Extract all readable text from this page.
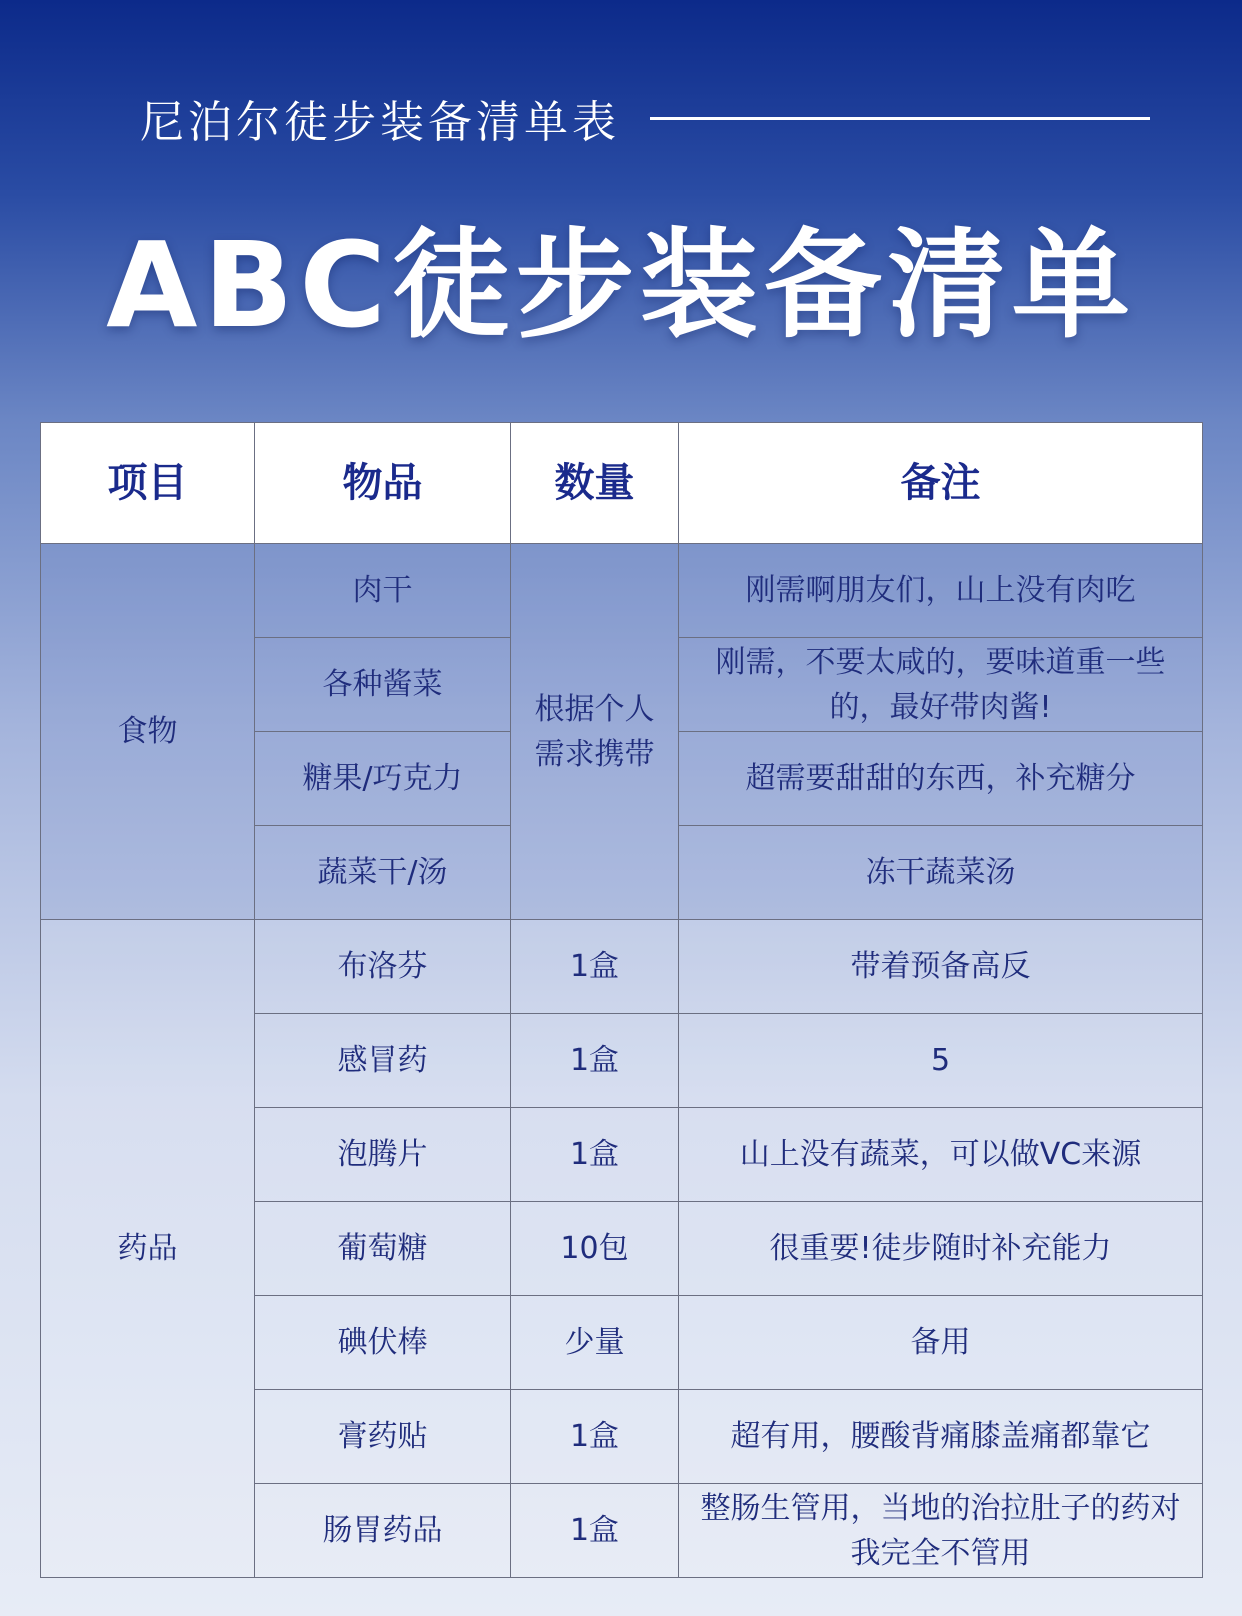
尼泊尔徒步装备清单表
ABC徒步装备清单
项目	物品	数量	备注
食物	肉干	根据个人需求携带	刚需啊朋友们，山上没有肉吃
	各种酱菜		刚需，不要太咸的，要味道重一些的，最好带肉酱!
	糖果/巧克力		超需要甜甜的东西，补充糖分
	蔬菜干/汤		冻干蔬菜汤
药品	布洛芬	1盒	带着预备高反
	感冒药	1盒	5
	泡腾片	1盒	山上没有蔬菜，可以做VC来源
	葡萄糖	10包	很重要!徒步随时补充能力
	碘伏棒	少量	备用
	膏药贴	1盒	超有用，腰酸背痛膝盖痛都靠它
	肠胃药品	1盒	整肠生管用，当地的治拉肚子的药对我完全不管用
